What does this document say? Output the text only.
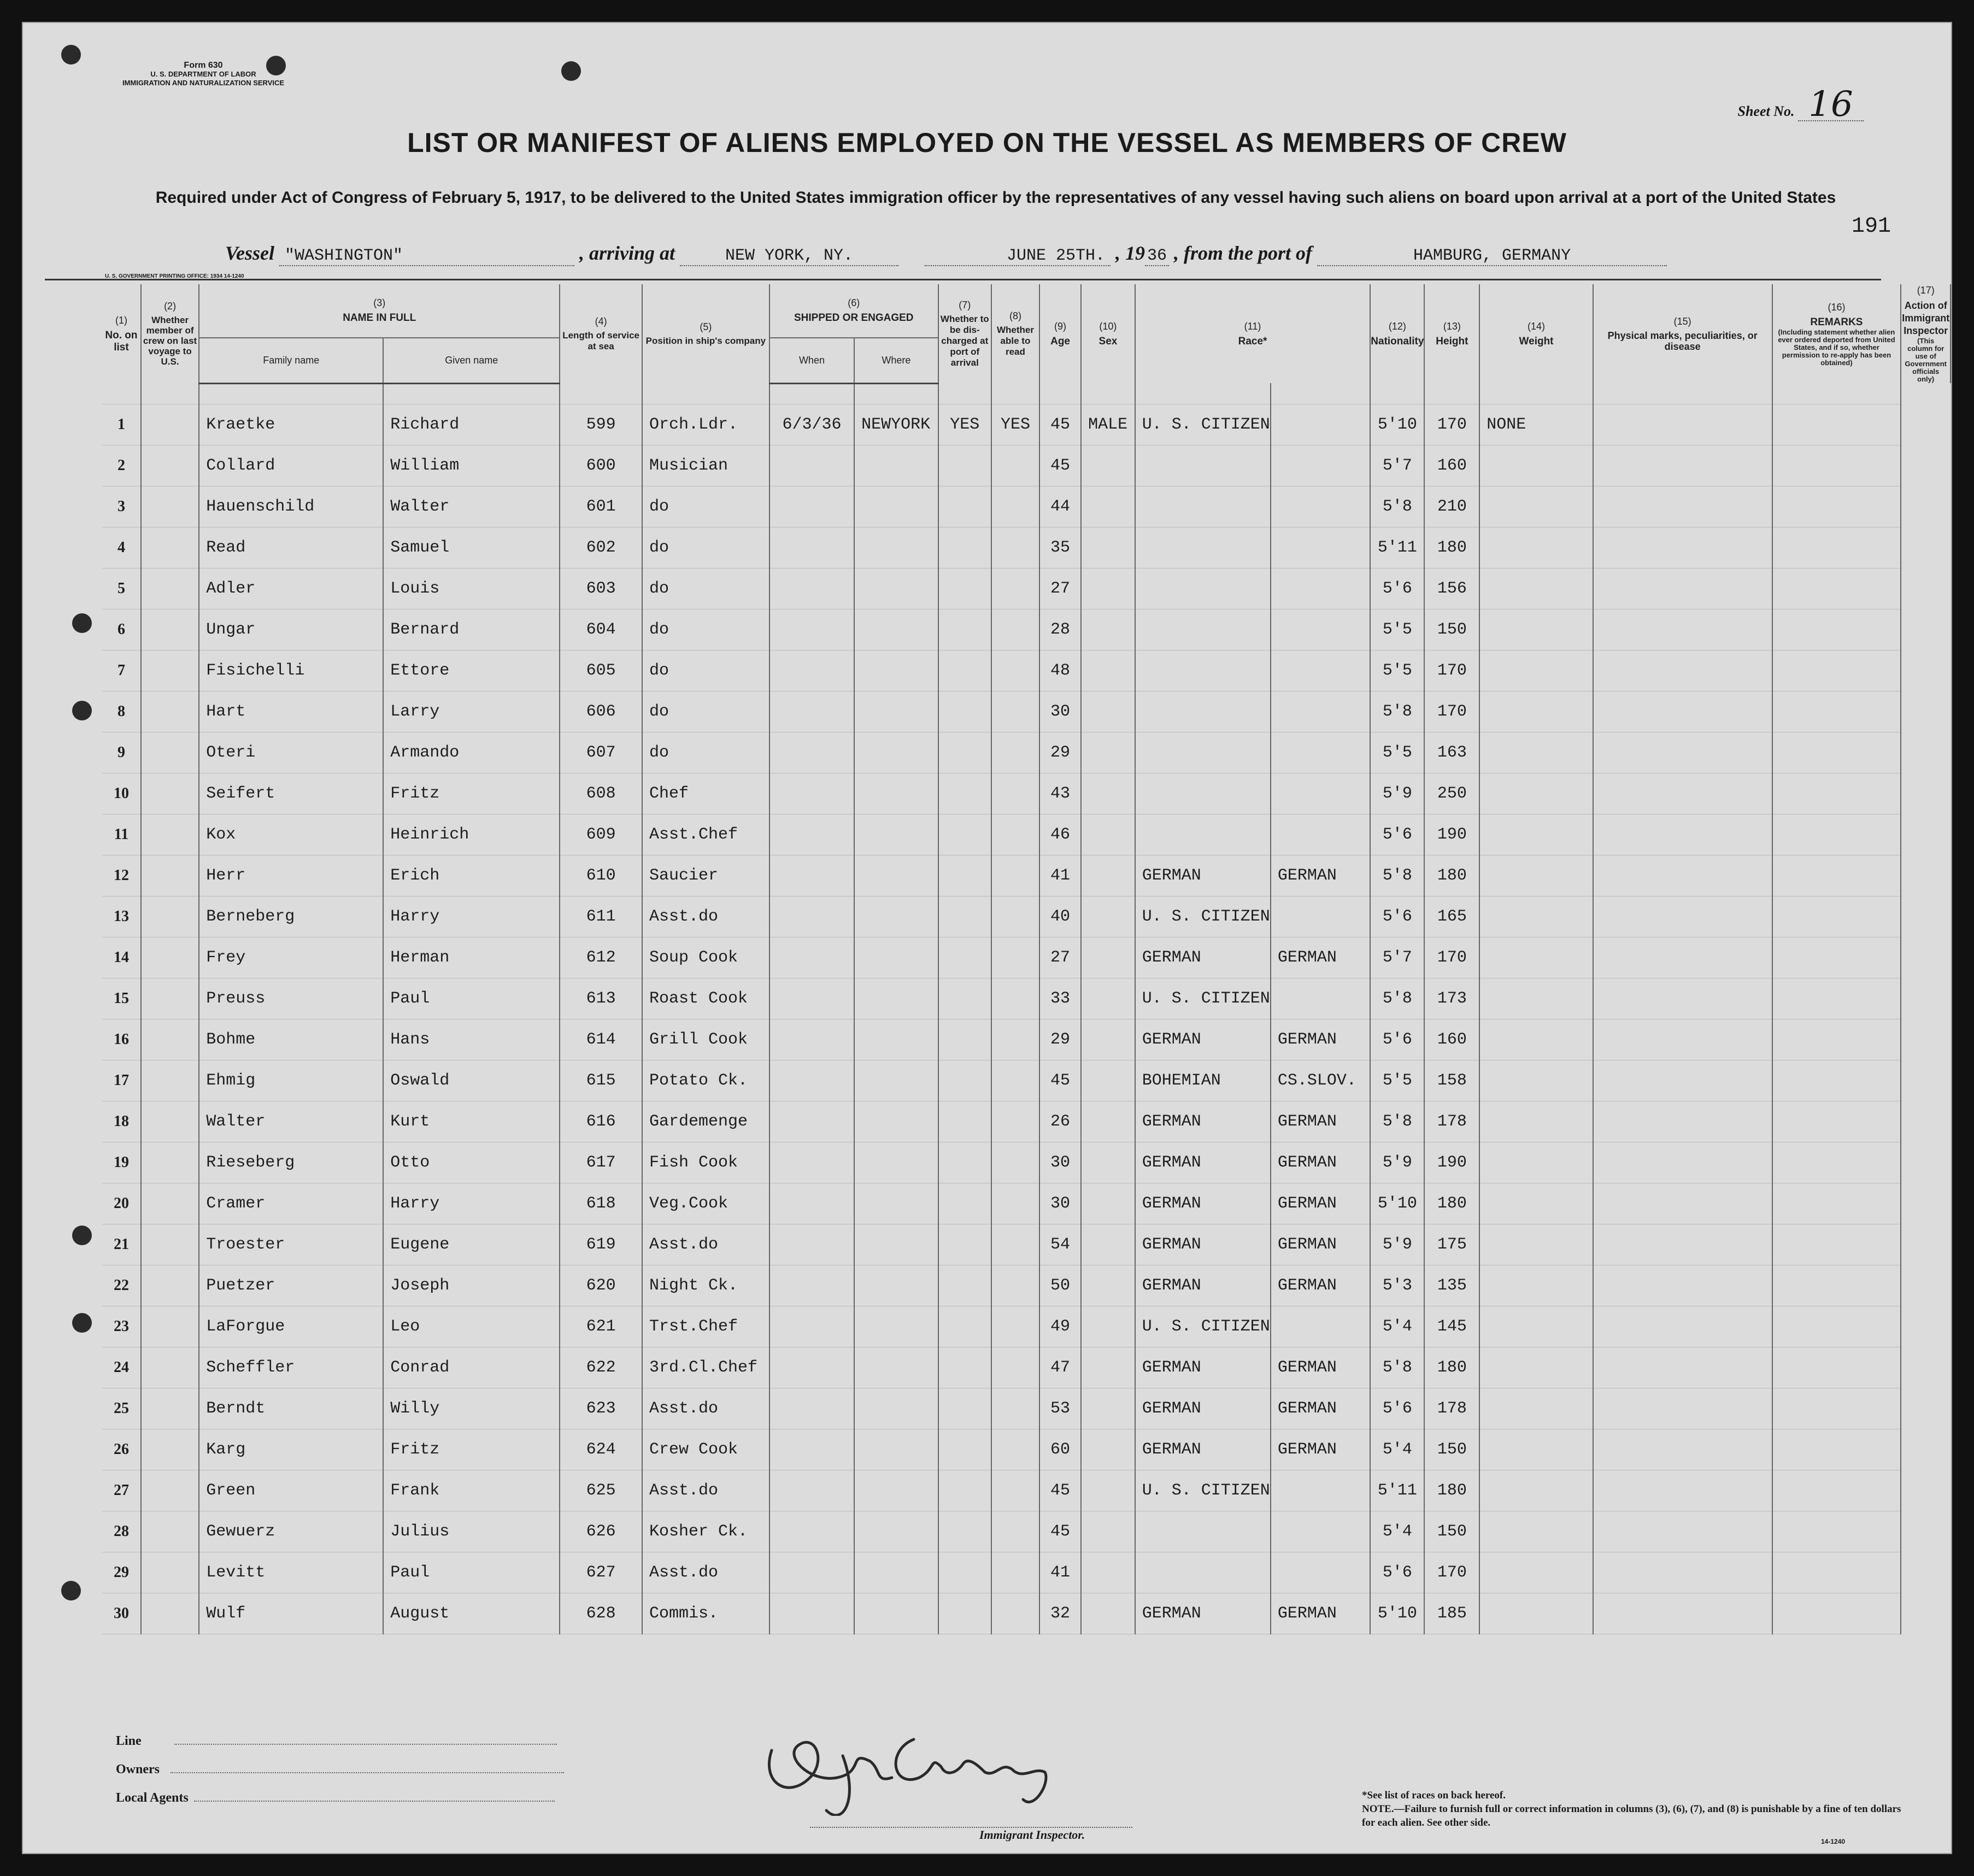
Form 630
U. S. DEPARTMENT OF LABOR
IMMIGRATION AND NATURALIZATION SERVICE
Sheet No. 16
LIST OR MANIFEST OF ALIENS EMPLOYED ON THE VESSEL AS MEMBERS OF CREW
Required under Act of Congress of February 5, 1917, to be delivered to the United States immigration officer by the representatives of any vessel having such aliens on board upon arrival at a port of the United States
191
Vessel "WASHINGTON"	, arriving at	NEW YORK, NY.	JUNE 25TH. , 19 36 , from the port of	HAMBURG, GERMANY
U. S. GOVERNMENT PRINTING OFFICE: 1934 14-1240
(1)
No. on list	(2)
Whether member of crew on last voyage to U.S.	(3)
NAME IN FULL		(4)
Length of service at sea	(5)
Position in ship's company	(6)
SHIPPED OR ENGAGED		(7)
Whether to be dis-charged at port of arrival	(8)
Whether able to read	(9)
Age	(10)
Sex	(11)
Race*		(12)
Nationality	(13)
Height	(14)
Weight	(15)
Physical marks, peculiarities, or disease	(16)
REMARKS

(Including statement whether alien ever ordered deported from United States, and if so, whether permission to re-apply has been obtained)	(17)
Action of Immigrant Inspector

(This column for use of Government officials only)

		Family name	Given name			When	Where												

1		Kraetke	Richard	599	Orch.Ldr.	6/3/36	NEWYORK	YES	YES	45	MALE	U. S. CITIZEN		5'10	170	NONE			
2		Collard	William	600	Musician					45				5'7	160				
3		Hauenschild	Walter	601	do					44				5'8	210				
4		Read	Samuel	602	do					35				5'11	180				
5		Adler	Louis	603	do					27				5'6	156				
6		Ungar	Bernard	604	do					28				5'5	150				
7		Fisichelli	Ettore	605	do					48				5'5	170				
8		Hart	Larry	606	do					30				5'8	170				
9		Oteri	Armando	607	do					29				5'5	163				
10		Seifert	Fritz	608	Chef					43				5'9	250				
11		Kox	Heinrich	609	Asst.Chef					46				5'6	190				
12		Herr	Erich	610	Saucier					41		GERMAN	GERMAN	5'8	180				
13		Berneberg	Harry	611	Asst.do					40		U. S. CITIZEN		5'6	165				
14		Frey	Herman	612	Soup Cook					27		GERMAN	GERMAN	5'7	170				
15		Preuss	Paul	613	Roast Cook					33		U. S. CITIZEN		5'8	173				
16		Bohme	Hans	614	Grill Cook					29		GERMAN	GERMAN	5'6	160				
17		Ehmig	Oswald	615	Potato Ck.					45		BOHEMIAN	CS.SLOV.	5'5	158				
18		Walter	Kurt	616	Gardemenge					26		GERMAN	GERMAN	5'8	178				
19		Rieseberg	Otto	617	Fish Cook					30		GERMAN	GERMAN	5'9	190				
20		Cramer	Harry	618	Veg.Cook					30		GERMAN	GERMAN	5'10	180				
21		Troester	Eugene	619	Asst.do					54		GERMAN	GERMAN	5'9	175				
22		Puetzer	Joseph	620	Night Ck.					50		GERMAN	GERMAN	5'3	135				
23		LaForgue	Leo	621	Trst.Chef					49		U. S. CITIZEN		5'4	145				
24		Scheffler	Conrad	622	3rd.Cl.Chef					47		GERMAN	GERMAN	5'8	180				
25		Berndt	Willy	623	Asst.do					53		GERMAN	GERMAN	5'6	178				
26		Karg	Fritz	624	Crew Cook					60		GERMAN	GERMAN	5'4	150				
27		Green	Frank	625	Asst.do					45		U. S. CITIZEN		5'11	180				
28		Gewuerz	Julius	626	Kosher Ck.					45				5'4	150				
29		Levitt	Paul	627	Asst.do					41				5'6	170				
30		Wulf	August	628	Commis.					32		GERMAN	GERMAN	5'10	185				
Immigrant Inspector.
Line
Owners
Local Agents	*See list of races on back hereof.
NOTE.—Failure to furnish full or correct information in columns (3), (6), (7), and (8) is punishable by a fine of ten dollars for each alien. See other side.
14-1240
